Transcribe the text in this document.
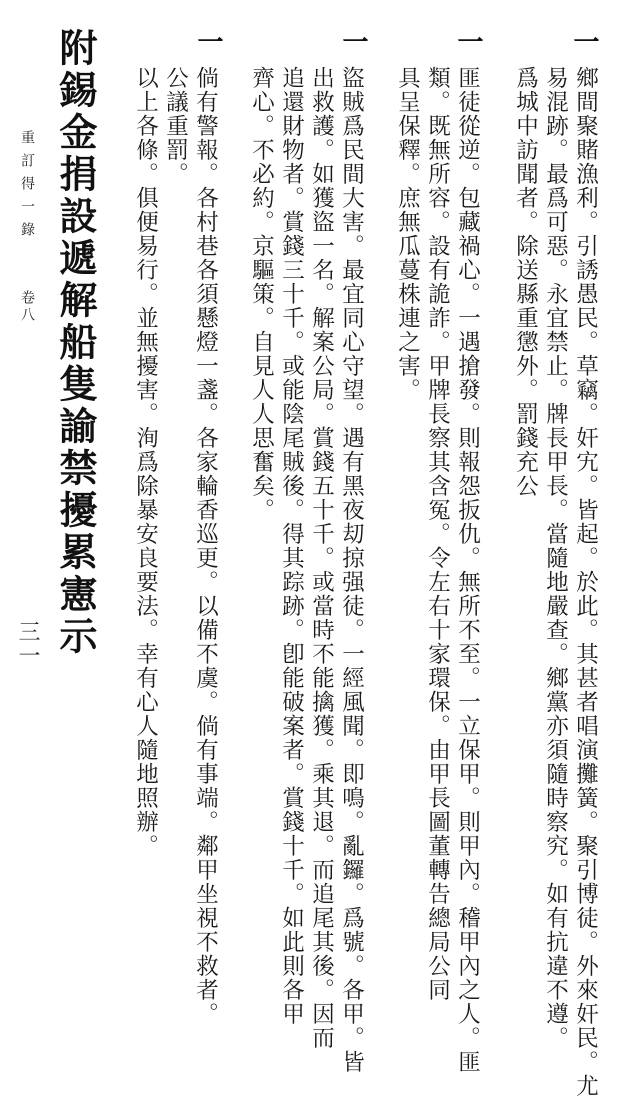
一
鄉間聚賭漁利。引誘愚民。草竊。奸宄。皆起。於此。其甚者唱演攤簧。聚引博徒。外來奸民。尤
易混跡。最爲可惡。永宜禁止。牌長甲長。當隨地嚴查。鄉黨亦須隨時察究。如有抗違不遵。
爲城中訪聞者。除送縣重懲外。罰錢充公
一
匪徒從逆。包藏禍心。一遇搶發。則報怨扳仇。無所不至。一立保甲。則甲內。稽甲內之人。匪
類。既無所容。設有詭詐。甲牌長察其含冤。令左右十家環保。由甲長圖董轉告總局公同
具呈保釋。庶無瓜蔓株連之害。
一
盜賊爲民間大害。最宜同心守望。遇有黑夜刧掠强徒。一經風聞。即鳴。亂鑼。爲號。各甲。皆
出救護。如獲盜一名。解案公局。賞錢五十千。或當時不能擒獲。乘其退。而追尾其後。因而
追還財物者。賞錢三十千。或能陰尾賊後。得其踪跡。卽能破案者。賞錢十千。如此則各甲
齊心。不必約。京驅策。自見人人思奮矣。
一
倘有警報。各村巷各須懸燈一盞。各家輪香巡更。以備不虞。倘有事端。鄰甲坐視不救者。
公議重罰。
以上各條。俱便易行。並無擾害。洵爲除暴安良要法。幸有心人隨地照辦。
附錫金捐設遞解船隻諭禁擾累憲示
重訂得一錄
卷八
三一
